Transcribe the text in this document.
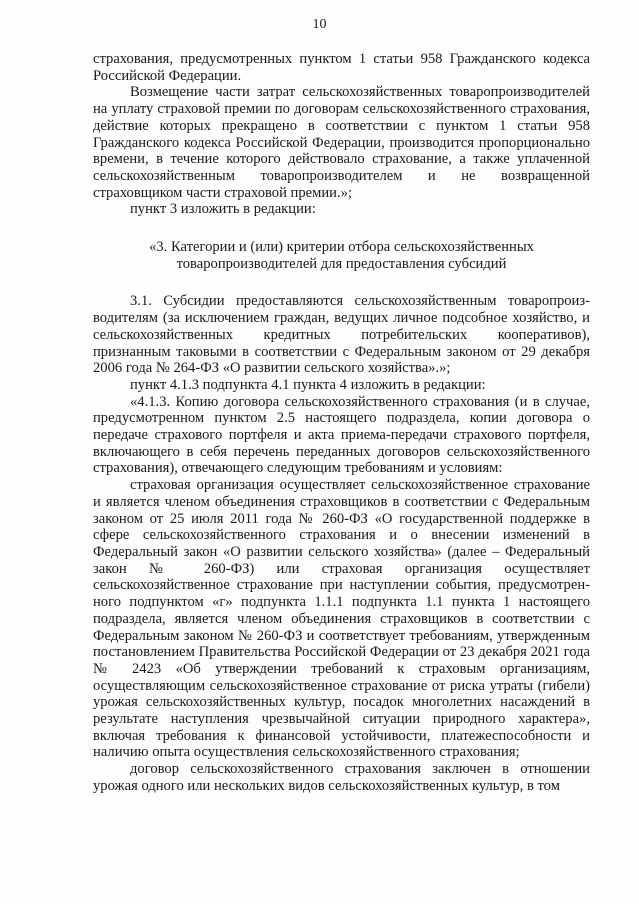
10

страхования, предусмотренных пунктом 1 статьи 958 Гражданского кодекса Российской Федерации.

Возмещение части затрат сельскохозяйственных товаропроизводителей на уплату страховой премии по договорам сельскохозяйственного страхования, действие которых прекращено в соответствии с пунктом 1 статьи 958 Гражданского кодекса Российской Федерации, производится пропорционально времени, в течение которого действовало страхование, а также уплаченной сельскохозяйственным товаропроизводителем и не возвращенной страховщиком части страховой премии.»;

пункт 3 изложить в редакции:

«3. Категории и (или) критерии отбора сельскохозяйственных товаропроизводителей для предоставления субсидий

3.1. Субсидии предоставляются сельскохозяйственным товаропроизводителям (за исключением граждан, ведущих личное подсобное хозяйство, и сельскохозяйственных кредитных потребительских кооперативов), признанным таковыми в соответствии с Федеральным законом от 29 декабря 2006 года № 264-ФЗ «О развитии сельского хозяйства».»;

пункт 4.1.3 подпункта 4.1 пункта 4 изложить в редакции:

«4.1.3. Копию договора сельскохозяйственного страхования (и в случае, предусмотренном пунктом 2.5 настоящего подраздела, копии договора о передаче страхового портфеля и акта приема-передачи страхового портфеля, включающего в себя перечень переданных договоров сельскохозяйственного страхования), отвечающего следующим требованиям и условиям:

страховая организация осуществляет сельскохозяйственное страхование и является членом объединения страховщиков в соответствии с Федеральным законом от 25 июля 2011 года № 260-ФЗ «О государственной поддержке в сфере сельскохозяйственного страхования и о внесении изменений в Федеральный закон «О развитии сельского хозяйства» (далее – Федеральный закон № 260-ФЗ) или страховая организация осуществляет сельскохозяйственное страхование при наступлении события, предусмотренного подпунктом «г» подпункта 1.1.1 подпункта 1.1 пункта 1 настоящего подраздела, является членом объединения страховщиков в соответствии с Федеральным законом № 260-ФЗ и соответствует требованиям, утвержденным постановлением Правительства Российской Федерации от 23 декабря 2021 года № 2423 «Об утверждении требований к страховым организациям, осуществляющим сельскохозяйственное страхование от риска утраты (гибели) урожая сельскохозяйственных культур, посадок многолетних насаждений в результате наступления чрезвычайной ситуации природного характера», включая требования к финансовой устойчивости, платежеспособности и наличию опыта осуществления сельскохозяйственного страхования;

договор сельскохозяйственного страхования заключен в отношении урожая одного или нескольких видов сельскохозяйственных культур, в том
